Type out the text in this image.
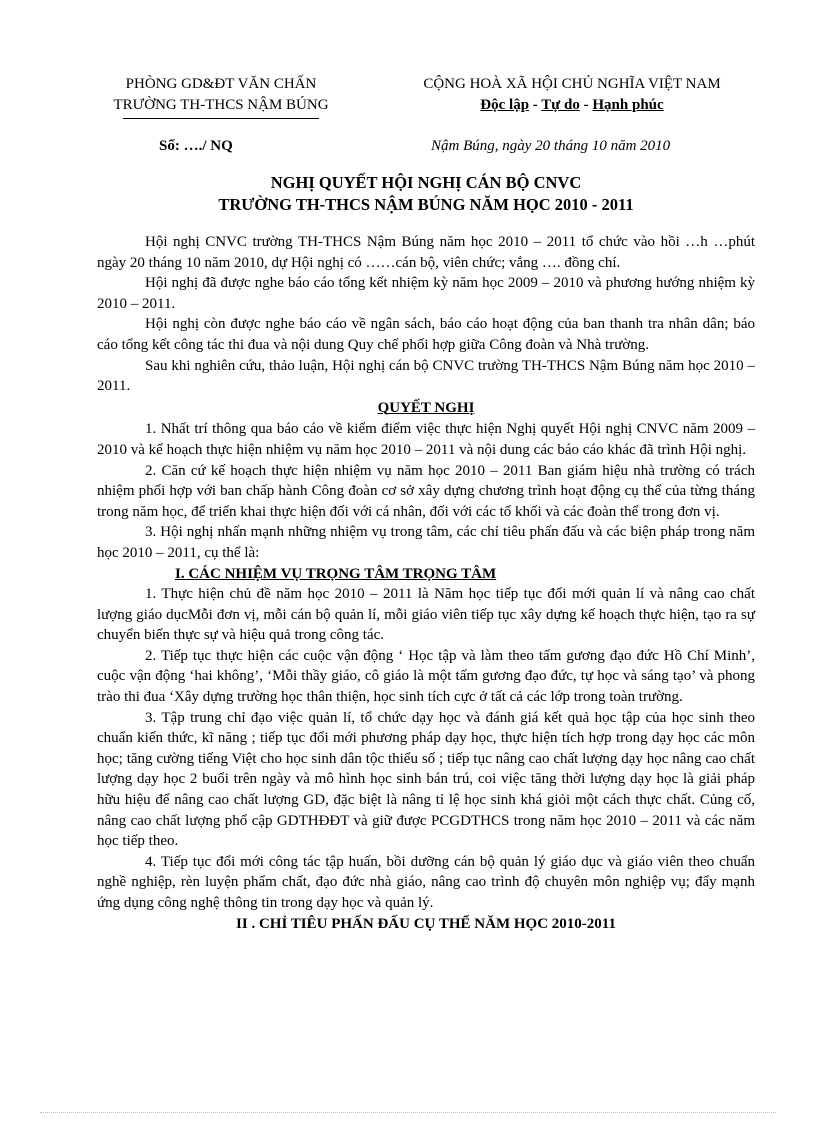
PHÒNG GD&ĐT VĂN CHẤN
TRƯỜNG TH-THCS NẬM BÚNG
CỘNG HOÀ XÃ HỘI CHỦ NGHĨA VIỆT NAM
Độc lập - Tự do - Hạnh phúc
Số: …./ NQ	Nậm Búng, ngày 20 tháng 10 năm 2010
NGHỊ QUYẾT HỘI NGHỊ CÁN BỘ CNVC
TRƯỜNG TH-THCS NẬM BÚNG NĂM HỌC 2010 - 2011

Hội nghị CNVC trường TH-THCS Nậm Búng năm học 2010 – 2011 tổ chức vào hồi …h …phút ngày 20 tháng 10 năm 2010, dự Hội nghị có ……cán bộ, viên chức; vắng …. đồng chí.

Hội nghị đã được nghe báo cáo tổng kết nhiệm kỳ năm học 2009 – 2010 và phương hướng nhiệm kỳ 2010 – 2011.

Hội nghị còn được nghe báo cáo về ngân sách, báo cáo hoạt động của ban thanh tra nhân dân; báo cáo tổng kết công tác thi đua và nội dung Quy chế phối hợp giữa Công đoàn và Nhà trường.

Sau khi nghiên cứu, thảo luận, Hội nghị cán bộ CNVC trường TH-THCS Nậm Búng năm học 2010 – 2011.

QUYẾT NGHỊ

1. Nhất trí thông qua báo cáo về kiểm điểm việc thực hiện Nghị quyết Hội nghị CNVC năm 2009 – 2010 và kế hoạch thực hiện nhiệm vụ năm học 2010 – 2011 và nội dung các báo cáo khác đã trình Hội nghị.

2. Căn cứ kế hoạch thực hiện nhiệm vụ năm học 2010 – 2011 Ban giám hiệu nhà trường có trách nhiệm phối hợp với ban chấp hành Công đoàn cơ sở xây dựng chương trình hoạt động cụ thể của từng tháng trong năm học, để triển khai thực hiện đối với cá nhân, đối với các tổ khối và các đoàn thể trong đơn vị.

3. Hội nghị nhấn mạnh những nhiệm vụ trong tâm, các chỉ tiêu phấn đấu và các biện pháp trong năm học 2010 – 2011, cụ thể là:

I. CÁC NHIỆM VỤ TRỌNG TÂM TRỌNG TÂM

1. Thực hiện chủ đề năm học 2010 – 2011 là Năm học tiếp tục đổi mới quản lí và nâng cao chất lượng giáo dụcMỗi đơn vị, mỗi cán bộ quản lí, mỗi giáo viên tiếp tục xây dựng kế hoạch thực hiện, tạo ra sự chuyển biến thực sự và hiệu quả trong công tác.

2. Tiếp tục thực hiện các cuộc vận động ‘ Học tập và làm theo tấm gương đạo đức Hồ Chí Minh’, cuộc vận động ‘hai không’, ‘Mỗi thầy giáo, cô giáo là một tấm gương đạo đức, tự học và sáng tạo’ và phong trào thi đua ‘Xây dựng trường học thân thiện, học sinh tích cực ở tất cả các lớp trong toàn trường.

3. Tập trung chỉ đạo việc quản lí, tổ chức dạy học và đánh giá kết quả học tập của học sinh theo chuẩn kiến thức, kĩ năng ; tiếp tục đổi mới phương pháp dạy học, thực hiện tích hợp trong dạy học các môn học; tăng cường tiếng Việt cho học sinh dân tộc thiểu số ; tiếp tục nâng cao chất lượng dạy học nâng cao chất lượng dạy học 2 buổi trên ngày và mô hình học sinh bán trú, coi việc tăng thời lượng dạy học là giải pháp hữu hiệu để nâng cao chất lượng GD, đặc biệt là nâng tỉ lệ học sinh khá giỏi một cách thực chất. Củng cố, nâng cao chất lượng phổ cập GDTHĐĐT và giữ được PCGDTHCS trong năm học 2010 – 2011 và các năm học tiếp theo.

4. Tiếp tục đổi mới công tác tập huấn, bồi dưỡng cán bộ quản lý giáo dục và giáo viên theo chuẩn nghề nghiệp, rèn luyện phẩm chất, đạo đức nhà giáo, nâng cao trình độ chuyên môn nghiệp vụ; đẩy mạnh ứng dụng công nghệ thông tin trong dạy học và quản lý.

II . CHỈ TIÊU PHẤN ĐẤU CỤ THỂ NĂM HỌC 2010-2011
